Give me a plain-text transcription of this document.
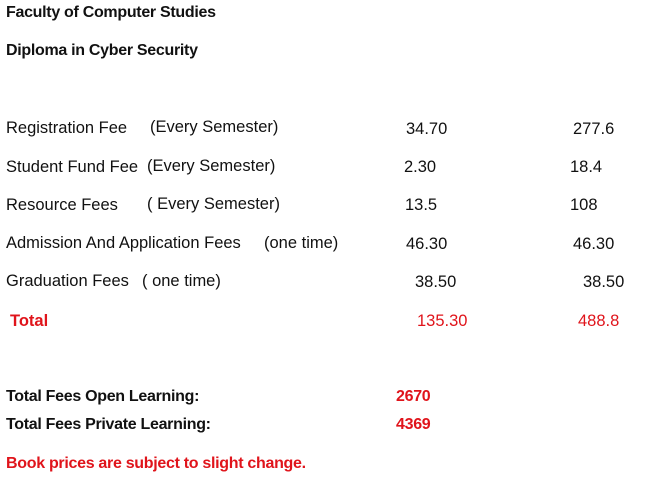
Faculty of Computer Studies
Diploma in Cyber Security
Registration Fee (Every Semester)	34.70	277.6
Student Fund Fee (Every Semester)	2.30	18.4
Resource Fees ( Every Semester)	13.5	108
Admission And Application Fees (one time)	46.30	46.30
Graduation Fees ( one time)	38.50	38.50
Total	135.30	488.8
Total Fees Open Learning:	2670
Total Fees Private Learning:	4369
Book prices are subject to slight change.
